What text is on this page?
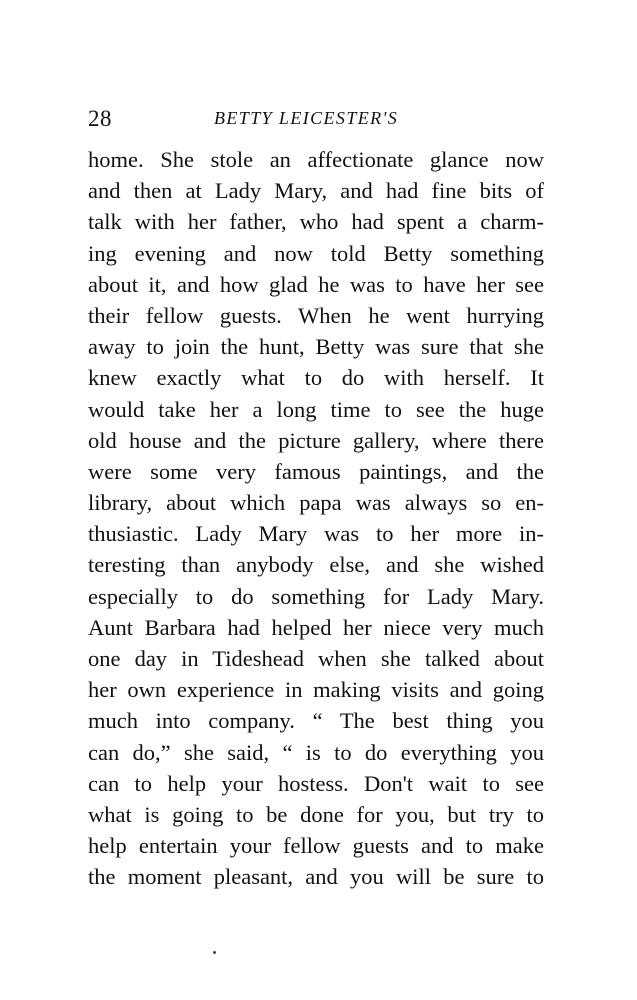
28	BETTY LEICESTER'S
home. She stole an affectionate glance now
and then at Lady Mary, and had fine bits of
talk with her father, who had spent a charm-
ing evening and now told Betty something
about it, and how glad he was to have her see
their fellow guests. When he went hurrying
away to join the hunt, Betty was sure that she
knew exactly what to do with herself. It
would take her a long time to see the huge
old house and the picture gallery, where there
were some very famous paintings, and the
library, about which papa was always so en-
thusiastic. Lady Mary was to her more in-
teresting than anybody else, and she wished
especially to do something for Lady Mary.
Aunt Barbara had helped her niece very much
one day in Tideshead when she talked about
her own experience in making visits and going
much into company. “ The best thing you
can do,” she said, “ is to do everything you
can to help your hostess. Don't wait to see
what is going to be done for you, but try to
help entertain your fellow guests and to make
the moment pleasant, and you will be sure to
